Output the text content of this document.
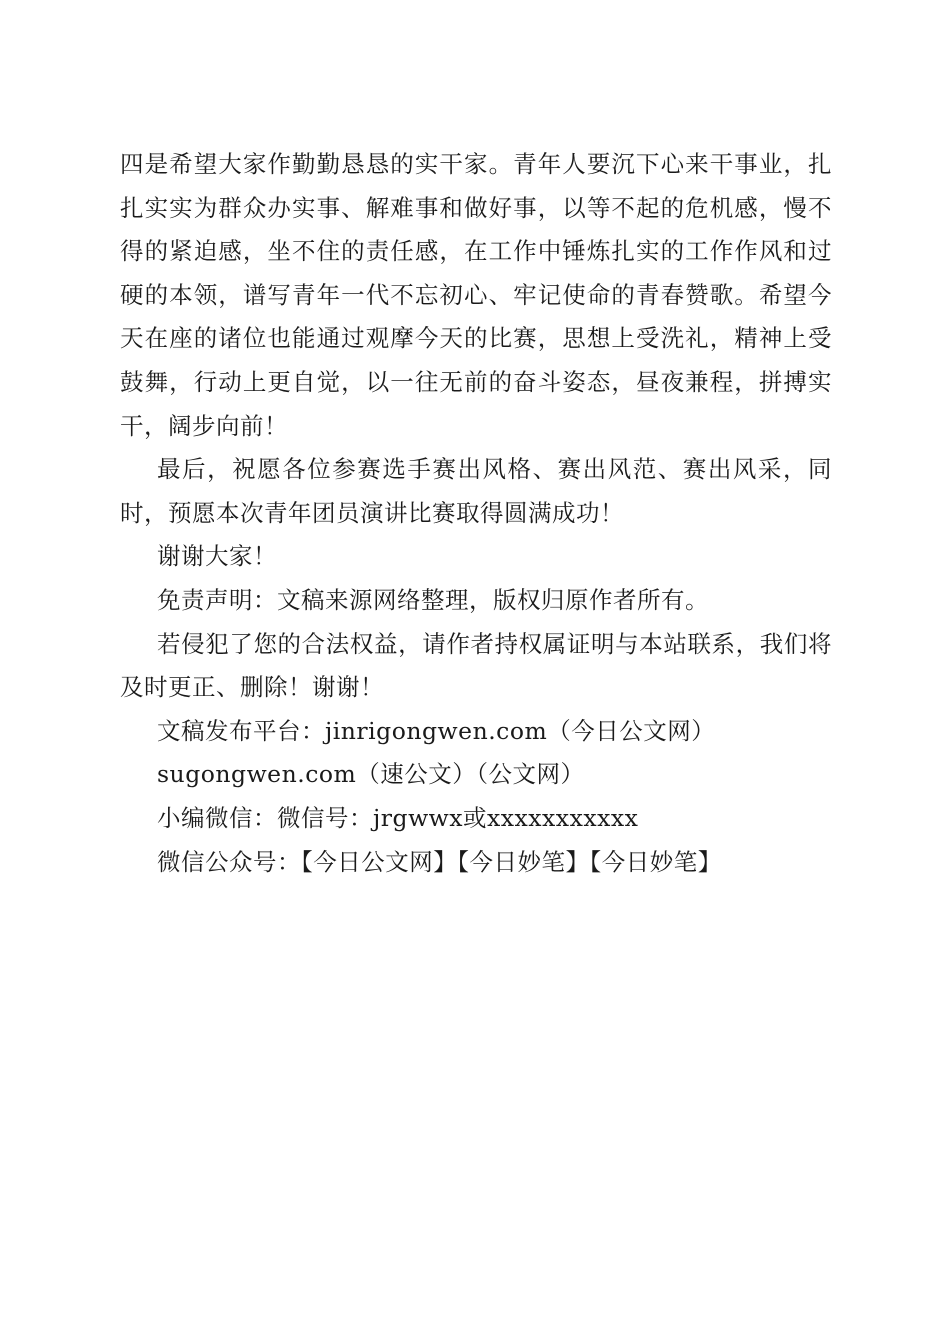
四是希望大家作勤勤恳恳的实干家。青年人要沉下心来干事业，扎扎实实为群众办实事、解难事和做好事，以等不起的危机感，慢不得的紧迫感，坐不住的责任感，在工作中锤炼扎实的工作作风和过硬的本领，谱写青年一代不忘初心、牢记使命的青春赞歌。希望今天在座的诸位也能通过观摩今天的比赛，思想上受洗礼，精神上受鼓舞，行动上更自觉，以一往无前的奋斗姿态，昼夜兼程，拼搏实干，阔步向前！

最后，祝愿各位参赛选手赛出风格、赛出风范、赛出风采，同时，预愿本次青年团员演讲比赛取得圆满成功！

谢谢大家！

免责声明：文稿来源网络整理，版权归原作者所有。

若侵犯了您的合法权益，请作者持权属证明与本站联系，我们将及时更正、删除！谢谢！

文稿发布平台：jinrigongwen.com（今日公文网）

sugongwen.com（速公文）（公文网）

小编微信：微信号：jrgwwx或xxxxxxxxxxx

微信公众号：【今日公文网】【今日妙笔】【今日妙笔】
